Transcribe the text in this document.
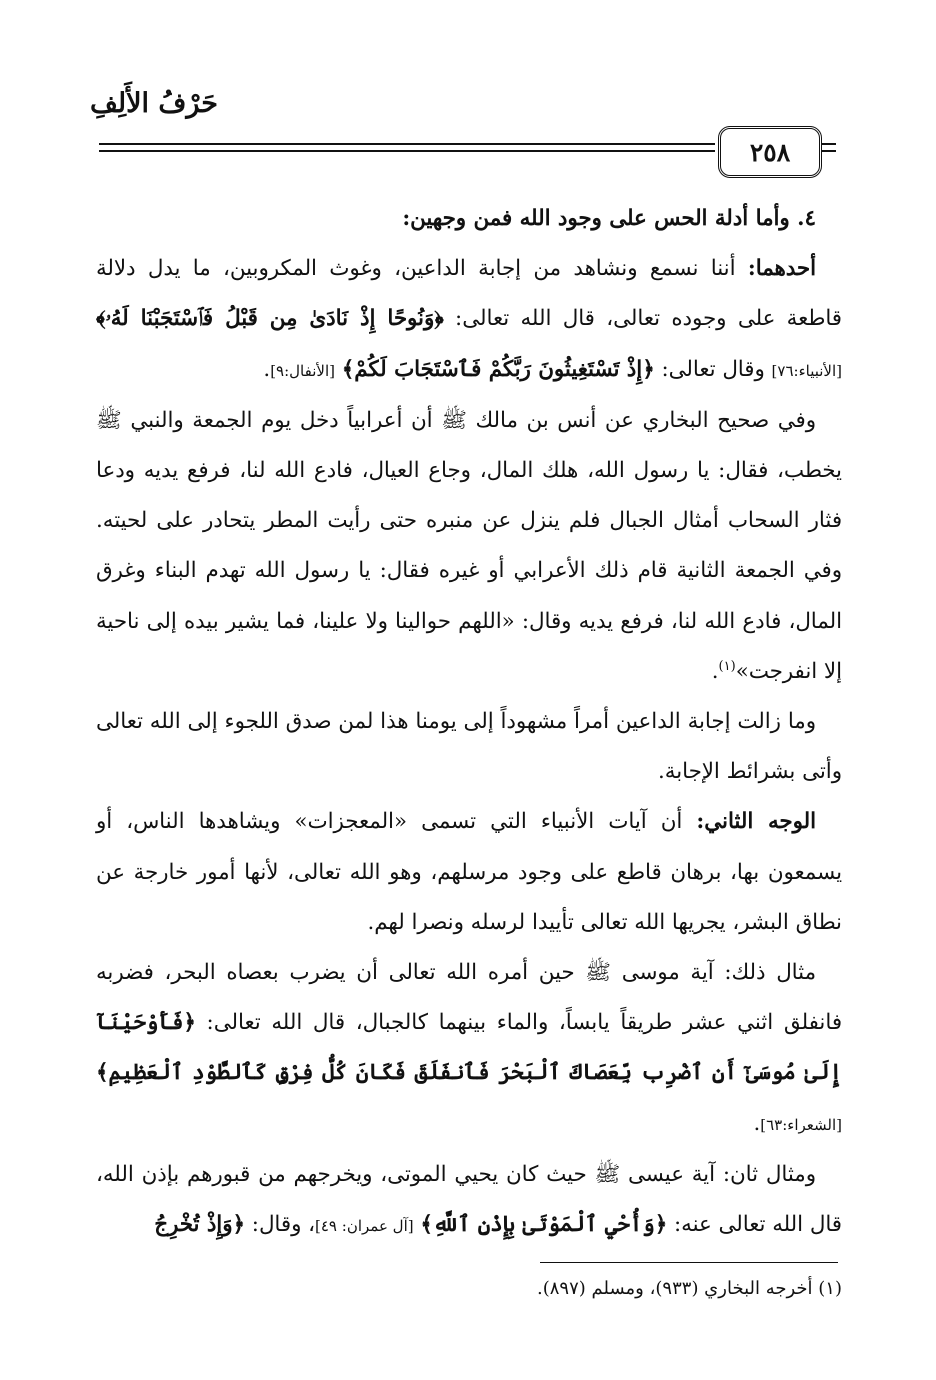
حَرْفُ الأَلِفِ
٢٥٨

٤. وأما أدلة الحس على وجود الله فمن وجهين:

أحدهما: أننا نسمع ونشاهد من إجابة الداعين، وغوث المكروبين، ما يدل دلالة قاطعة على وجوده تعالى، قال الله تعالى: ﴿وَنُوحًا إِذْ نَادَىٰ مِن قَبْلُ فَٱسْتَجَبْنَا لَهُۥ﴾ [الأنبياء:٧٦] وقال تعالى: ﴿إِذْ تَسْتَغِيثُونَ رَبَّكُمْ فَٱسْتَجَابَ لَكُمْ﴾ [الأنفال:٩].

وفي صحيح البخاري عن أنس بن مالك ﷺ أن أعرابياً دخل يوم الجمعة والنبي ﷺ يخطب، فقال: يا رسول الله، هلك المال، وجاع العيال، فادع الله لنا، فرفع يديه ودعا فثار السحاب أمثال الجبال فلم ينزل عن منبره حتى رأيت المطر يتحادر على لحيته. وفي الجمعة الثانية قام ذلك الأعرابي أو غيره فقال: يا رسول الله تهدم البناء وغرق المال، فادع الله لنا، فرفع يديه وقال: «اللهم حوالينا ولا علينا، فما يشير بيده إلى ناحية إلا انفرجت»$^{(١)}$.

وما زالت إجابة الداعين أمراً مشهوداً إلى يومنا هذا لمن صدق اللجوء إلى الله تعالى وأتى بشرائط الإجابة.

الوجه الثاني: أن آيات الأنبياء التي تسمى «المعجزات» ويشاهدها الناس، أو يسمعون بها، برهان قاطع على وجود مرسلهم، وهو الله تعالى، لأنها أمور خارجة عن نطاق البشر، يجريها الله تعالى تأييدا لرسله ونصرا لهم.

مثال ذلك: آية موسى ﷺ حين أمره الله تعالى أن يضرب بعصاه البحر، فضربه فانفلق اثني عشر طريقاً يابساً، والماء بينهما كالجبال، قال الله تعالى: ﴿فَأَوْحَيْنَآ إِلَىٰ مُوسَىٰٓ أَنِ ٱضْرِب بِّعَصَاكَ ٱلْبَحْرَ فَٱنفَلَقَ فَكَانَ كُلُّ فِرْقٍ كَٱلطَّوْدِ ٱلْعَظِيمِ﴾ [الشعراء:٦٣].

ومثال ثان: آية عيسى ﷺ حيث كان يحيي الموتى، ويخرجهم من قبورهم بإذن الله، قال الله تعالى عنه: ﴿وَأُحْيِ ٱلْمَوْتَىٰ بِإِذْنِ ٱللَّهِ﴾ [آل عمران: ٤٩]، وقال: ﴿وَإِذْ تُخْرِجُ

(١) أخرجه البخاري (٩٣٣)، ومسلم (٨٩٧).
